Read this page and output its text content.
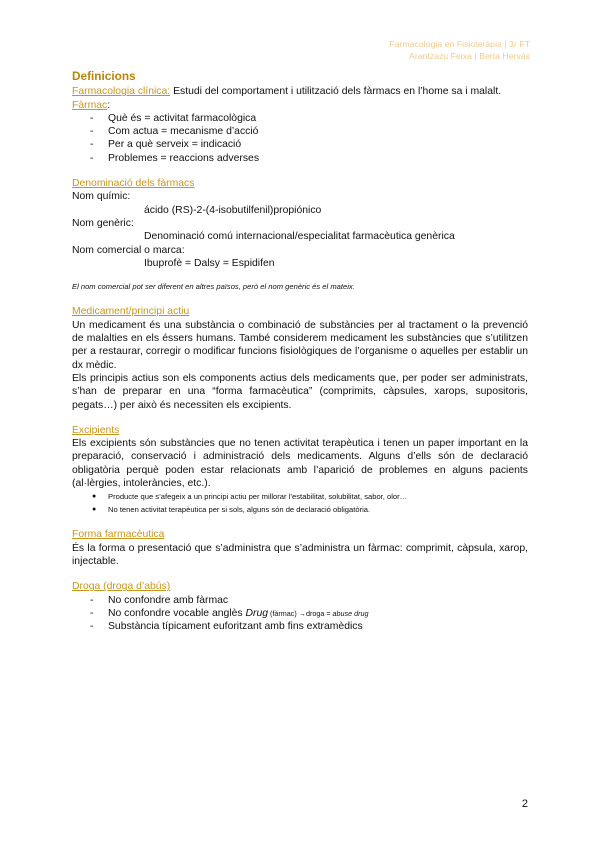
Farmacologia en Fisioteràpia | 3r FT
Arantzazu Feixa | Berta Hervás
Definicions

Farmacologia clínica: Estudi del comportament i utilització dels fàrmacs en l’home sa i malalt.

Fàrmac:

- Què és = activitat farmacològica
- Com actua = mecanisme d’acció
- Per a què serveix = indicació
- Problemes = reaccions adverses
Denominació dels fàrmacs

Nom químic:

ácido (RS)-2-(4-isobutilfenil)propiónico

Nom genèric:

Denominació comú internacional/especialitat farmacèutica genèrica

Nom comercial o marca:

Ibuprofè = Dalsy = Espidifen

El nom comercial pot ser diferent en altres països, però el nom genèric és el mateix.

Medicament/principi actiu

Un medicament és una substància o combinació de substàncies per al tractament o la prevenció de malalties en els éssers humans. També considerem medicament les substàncies que s’utilitzen per a restaurar, corregir o modificar funcions fisiològiques de l’organisme o aquelles per establir un dx mèdic.

Els principis actius son els components actius dels medicaments que, per poder ser administrats, s’han de preparar en una “forma farmacèutica” (comprimits, càpsules, xarops, supositoris, pegats…) per això és necessiten els excipients.

Excipients

Els excipients són substàncies que no tenen activitat terapèutica i tenen un paper important en la preparació, conservació i administració dels medicaments. Alguns d’ells són de declaració obligatòria perquè poden estar relacionats amb l’aparició de problemes en alguns pacients (al·lèrgies, intoleràncies, etc.).

● Producte que s’afegeix a un principi actiu per millorar l’estabilitat, solubilitat, sabor, olor…
● No tenen activitat terapèutica per si sols, alguns són de declaració obligatòria.
Forma farmacèutica

És la forma o presentació que s’administra que s’administra un fàrmac: comprimit, càpsula, xarop, injectable.

Droga (droga d’abús)
- No confondre amb fàrmac
- No confondre vocable anglès Drug (fàrmac) →droga = abuse drug
- Substància típicament euforitzant amb fins extramèdics
2
